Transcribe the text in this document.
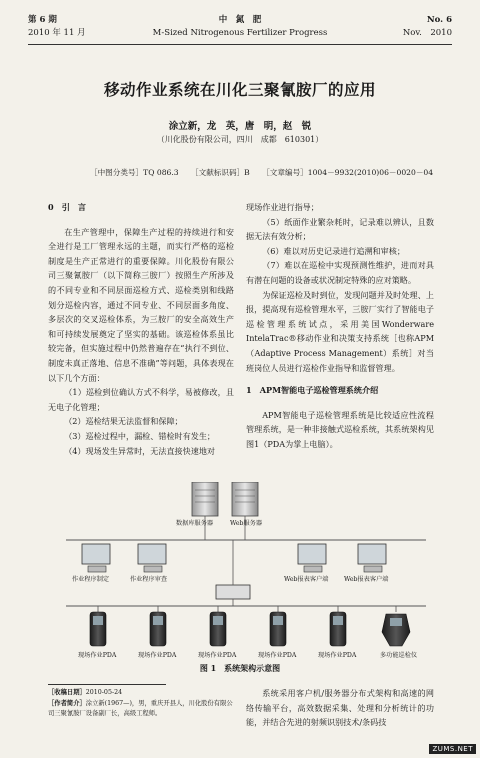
第 6 期
2010 年 11 月
中　氮　肥
M-Sized Nitrogenous Fertilizer Progress
No. 6
Nov.　2010
移动作业系统在川化三聚氰胺厂的应用
涂立新，龙　英，唐　明，赵　锐
（川化股份有限公司，四川　成都　610301）
［中图分类号］TQ 086.3 ［文献标识码］B ［文章编号］1004－9932(2010)06－0020－04

0　引　言

在生产管理中，保障生产过程的持续进行和安全进行是工厂管理永远的主题，而实行严格的巡检制度是生产正常进行的重要保障。川化股份有限公司三聚氰胺厂（以下简称三胺厂）按照生产所涉及的不同专业和不同层面巡检方式、巡检类别和线路划分巡检内容，通过不同专业、不同层面多角度、多层次的交叉巡检体系，为三胺厂的安全高效生产和可持续发展奠定了坚实的基础。该巡检体系虽比较完备，但实施过程中仍然普遍存在“执行不到位、制度未真正落地、信息不准确”等问题，具体表现在以下几个方面：

（1）巡检到位确认方式不科学，易被修改，且无电子化管理；

（2）巡检结果无法监督和保障；

（3）巡检过程中，漏检、错检时有发生；

（4）现场发生异常时，无法直接快速地对

现场作业进行指导；

（5）纸面作业繁杂耗时，记录难以辨认，且数据无法有效分析；

（6）难以对历史记录进行追溯和审核；

（7）难以在巡检中实现预测性维护，进而对具有潜在问题的设备或状况制定特殊的应对策略。

为保证巡检及时到位，发现问题并及时处理、上报，提高现有巡检管理水平，三胺厂实行了智能电子巡检管理系统试点，采用美国Wonderware IntelaTrac®移动作业和决策支持系统［也称APM（Adaptive Process Management）系统］对当班岗位人员进行巡检作业指导和监督管理。

1　APM智能电子巡检管理系统介绍

APM智能电子巡检管理系统是比较适应性流程管理系统，是一种非接触式巡检系统，其系统架构见图1（PDA为掌上电脑）。

数据库服务器	Web服务器
作业程序制定	作业程序审查	Web报表客户端	Web报表客户端
现场作业PDA	现场作业PDA	现场作业PDA	现场作业PDA	现场作业PDA	多功能巡检仪
图 1　系统架构示意图
［收稿日期］2010-05-24
［作者简介］涂立新(1967—)，男，重庆开县人，川化股份有限公司三聚氰胺厂设备副厂长，高级工程师。

系统采用客户机/服务器分布式架构和高速的网络传输平台，高效数据采集、处理和分析统计的功能，并结合先进的射频识别技术/条码技

ZUMS.NET
